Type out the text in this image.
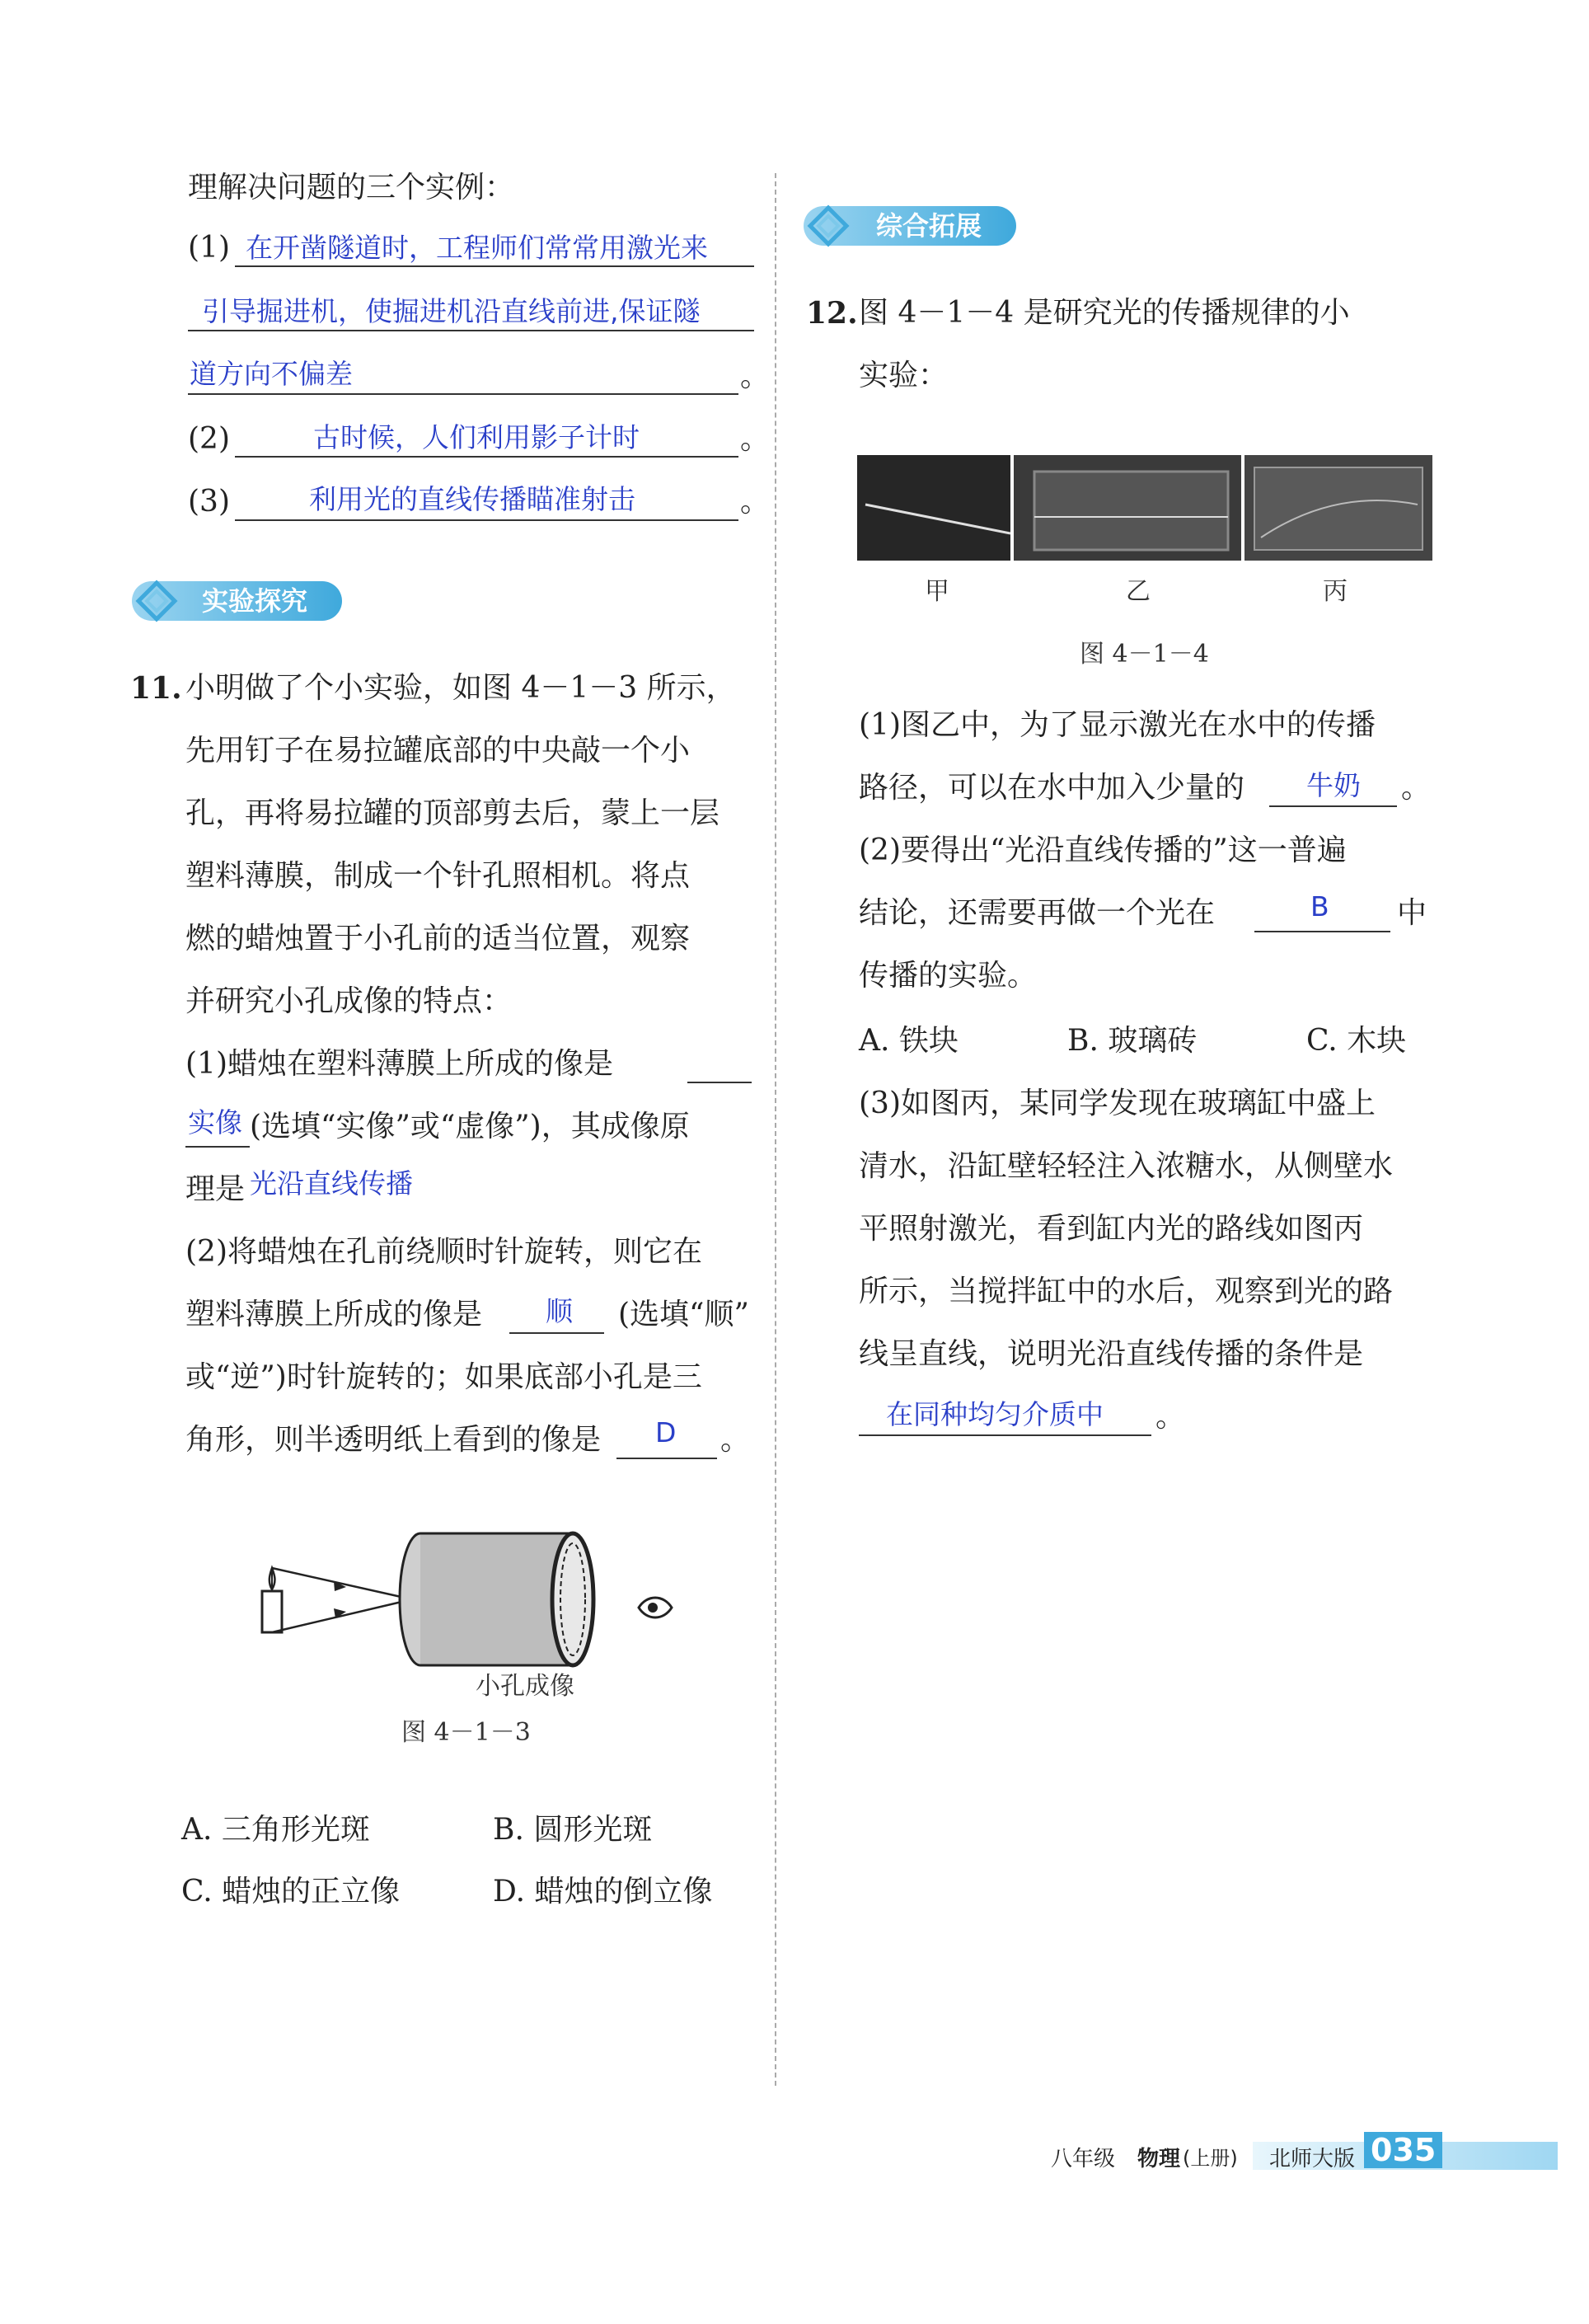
理解决问题的三个实例：
(1) 在开凿隧道时，工程师们常常用激光来
引导掘进机，使掘进机沿直线前进,保证隧
道方向不偏差	。
(2)	古时候，人们利用影子计时	。
(3)	利用光的直线传播瞄准射击	。
实验探究
11. 小明做了个小实验，如图 4－1－3 所示，
先用钉子在易拉罐底部的中央敲一个小
孔，再将易拉罐的顶部剪去后，蒙上一层
塑料薄膜，制成一个针孔照相机。将点
燃的蜡烛置于小孔前的适当位置，观察
并研究小孔成像的特点：
(1)蜡烛在塑料薄膜上所成的像是
实像 (选填“实像”或“虚像”)，其成像原
理是 光沿直线传播
(2)将蜡烛在孔前绕顺时针旋转，则它在
塑料薄膜上所成的像是 顺 (选填“顺”
或“逆”)时针旋转的；如果底部小孔是三
角形，则半透明纸上看到的像是 D 。
小孔成像
图 4－1－3
A. 三角形光斑	B. 圆形光斑
C. 蜡烛的正立像	D. 蜡烛的倒立像
综合拓展
12. 图 4－1－4 是研究光的传播规律的小
实验：
甲	乙	丙
图 4－1－4
(1)图乙中，为了显示激光在水中的传播
路径，可以在水中加入少量的 牛奶 。
(2)要得出“光沿直线传播的”这一普遍
结论，还需要再做一个光在	B 中
传播的实验。
A. 铁块	B. 玻璃砖	C. 木块
(3)如图丙，某同学发现在玻璃缸中盛上
清水，沿缸壁轻轻注入浓糖水，从侧壁水
平照射激光，看到缸内光的路线如图丙
所示，当搅拌缸中的水后，观察到光的路
线呈直线，说明光沿直线传播的条件是
在同种均匀介质中 。
八年级 物理 (上册) 北师大版 035
